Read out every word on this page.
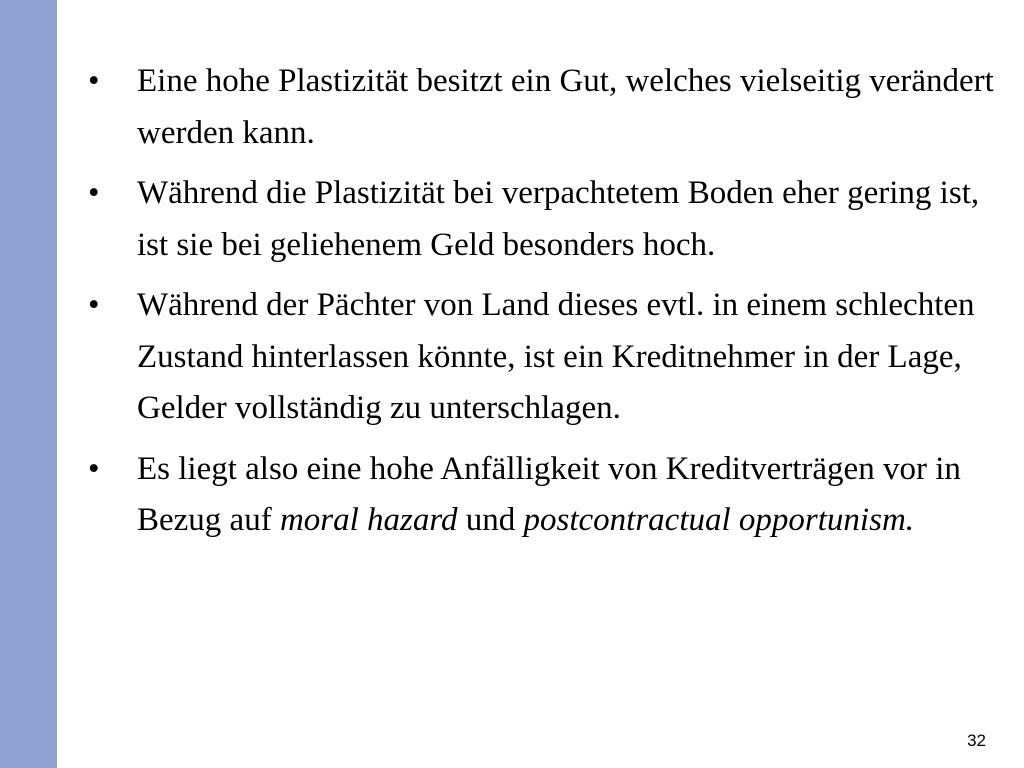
• Eine hohe Plastizität besitzt ein Gut, welches vielseitig verändert werden kann.
• Während die Plastizität bei verpachtetem Boden eher gering ist, ist sie bei geliehenem Geld besonders hoch.
• Während der Pächter von Land dieses evtl. in einem schlechten Zustand hinterlassen könnte, ist ein Kreditnehmer in der Lage, Gelder vollständig zu unterschlagen.
• Es liegt also eine hohe Anfälligkeit von Kreditverträgen vor in Bezug auf moral hazard und postcontractual opportunism.
32
